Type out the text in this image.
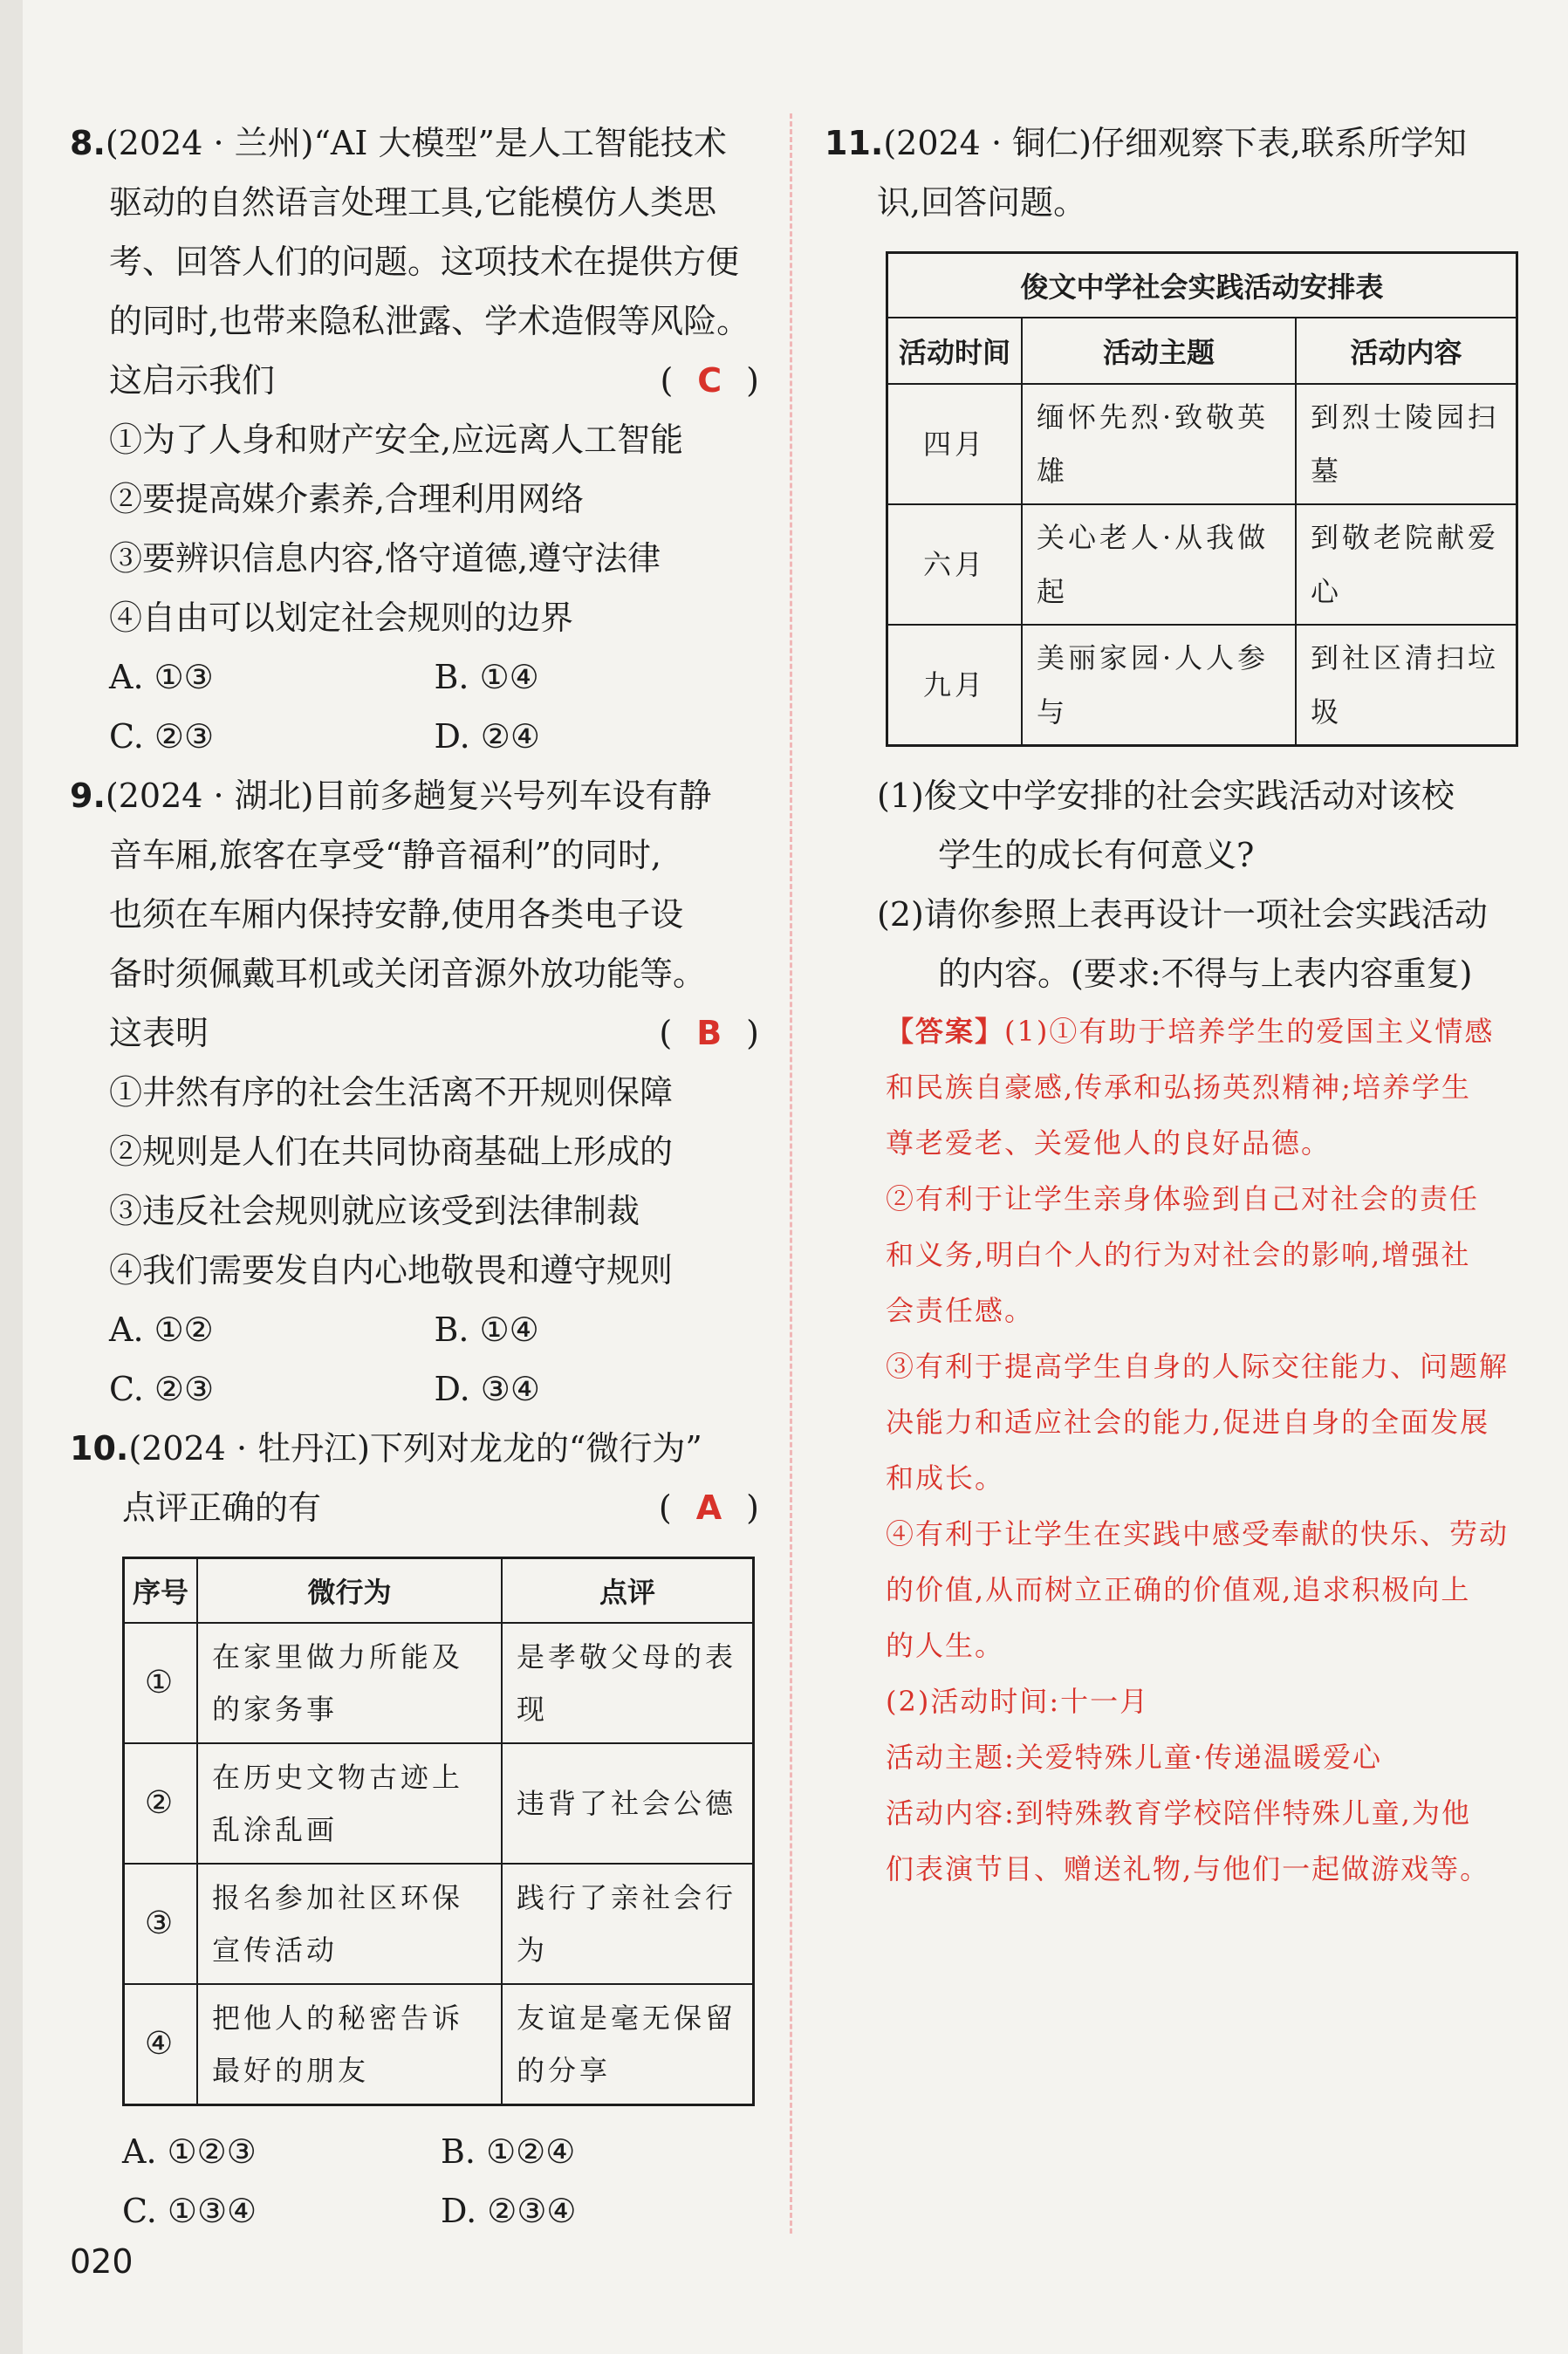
8.(2024 · 兰州)“AI 大模型”是人工智能技术
驱动的自然语言处理工具,它能模仿人类思
考、回答人们的问题。这项技术在提供方便
的同时,也带来隐私泄露、学术造假等风险。
这启示我们	( C )
①为了人身和财产安全,应远离人工智能
②要提高媒介素养,合理利用网络
③要辨识信息内容,恪守道德,遵守法律
④自由可以划定社会规则的边界
A. ①③	B. ①④
C. ②③	D. ②④
9.(2024 · 湖北)目前多趟复兴号列车设有静
音车厢,旅客在享受“静音福利”的同时,
也须在车厢内保持安静,使用各类电子设
备时须佩戴耳机或关闭音源外放功能等。
这表明	( B )
①井然有序的社会生活离不开规则保障
②规则是人们在共同协商基础上形成的
③违反社会规则就应该受到法律制裁
④我们需要发自内心地敬畏和遵守规则
A. ①②	B. ①④
C. ②③	D. ③④
10.(2024 · 牡丹江)下列对龙龙的“微行为”
点评正确的有	( A )
序号	微行为	点评
①	在家里做力所能及的家务事	是孝敬父母的表现
②	在历史文物古迹上乱涂乱画	违背了社会公德
③	报名参加社区环保宣传活动	践行了亲社会行为
④	把他人的秘密告诉最好的朋友	友谊是毫无保留的分享
A. ①②③	B. ①②④
C. ①③④	D. ②③④
11.(2024 · 铜仁)仔细观察下表,联系所学知
识,回答问题。
俊文中学社会实践活动安排表		
活动时间	活动主题	活动内容
四月	缅怀先烈·致敬英雄	到烈士陵园扫墓
六月	关心老人·从我做起	到敬老院献爱心
九月	美丽家园·人人参与	到社区清扫垃圾
(1)俊文中学安排的社会实践活动对该校
学生的成长有何意义?
(2)请你参照上表再设计一项社会实践活动
的内容。(要求:不得与上表内容重复)
【答案】(1)①有助于培养学生的爱国主义情感
和民族自豪感,传承和弘扬英烈精神;培养学生
尊老爱老、关爱他人的良好品德。
②有利于让学生亲身体验到自己对社会的责任
和义务,明白个人的行为对社会的影响,增强社
会责任感。
③有利于提高学生自身的人际交往能力、问题解
决能力和适应社会的能力,促进自身的全面发展
和成长。
④有利于让学生在实践中感受奉献的快乐、劳动
的价值,从而树立正确的价值观,追求积极向上
的人生。
(2)活动时间:十一月
活动主题:关爱特殊儿童·传递温暖爱心
活动内容:到特殊教育学校陪伴特殊儿童,为他
们表演节目、赠送礼物,与他们一起做游戏等。
020
